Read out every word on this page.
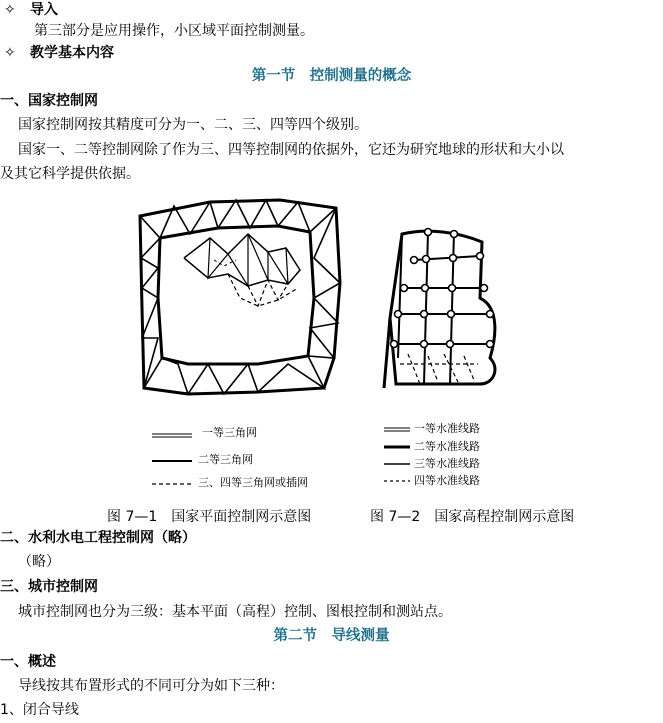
✧ 导入
第三部分是应用操作，小区域平面控制测量。
✧ 教学基本内容
第一节　控制测量的概念
一、国家控制网
国家控制网按其精度可分为一、二、三、四等四个级别。
国家一、二等控制网除了作为三、四等控制网的依据外，它还为研究地球的形状和大小以
及其它科学提供依据。
一等三角网
二等三角网
三、四等三角网或插网
一等水准线路
二等水准线路
三等水准线路
四等水准线路
图 7—1　国家平面控制网示意图	图 7—2　国家高程控制网示意图
二、水利水电工程控制网（略）
（略）
三、城市控制网
城市控制网也分为三级：基本平面（高程）控制、图根控制和测站点。
第二节　导线测量
一、概述
导线按其布置形式的不同可分为如下三种：
1、闭合导线
